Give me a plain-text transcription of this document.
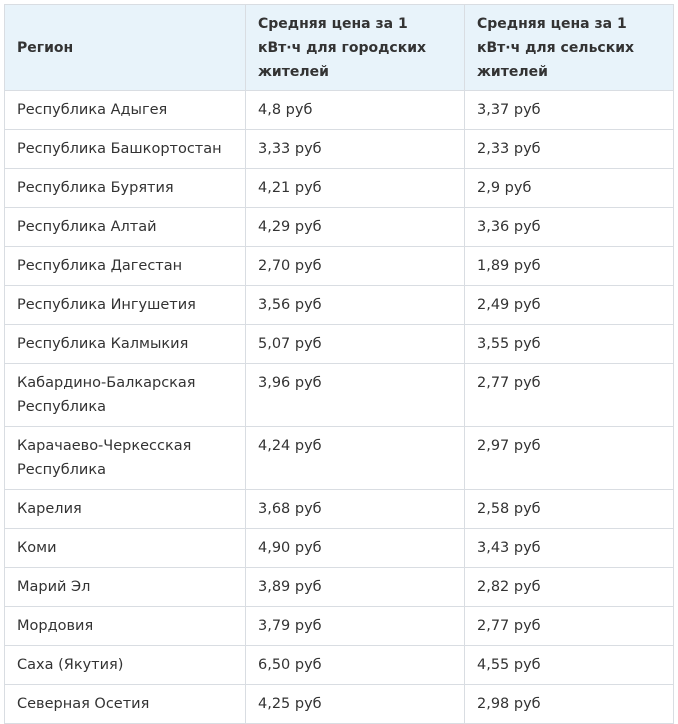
Регион	Средняя цена за 1 кВт·ч для городских жителей	Средняя цена за 1 кВт·ч для сельских жителей
Республика Адыгея	4,8 руб	3,37 руб
Республика Башкортостан	3,33 руб	2,33 руб
Республика Бурятия	4,21 руб	2,9 руб
Республика Алтай	4,29 руб	3,36 руб
Республика Дагестан	2,70 руб	1,89 руб
Республика Ингушетия	3,56 руб	2,49 руб
Республика Калмыкия	5,07 руб	3,55 руб
Кабардино-Балкарская Республика	3,96 руб	2,77 руб
Карачаево-Черкесская Республика	4,24 руб	2,97 руб
Карелия	3,68 руб	2,58 руб
Коми	4,90 руб	3,43 руб
Марий Эл	3,89 руб	2,82 руб
Мордовия	3,79 руб	2,77 руб
Саха (Якутия)	6,50 руб	4,55 руб
Северная Осетия	4,25 руб	2,98 руб
